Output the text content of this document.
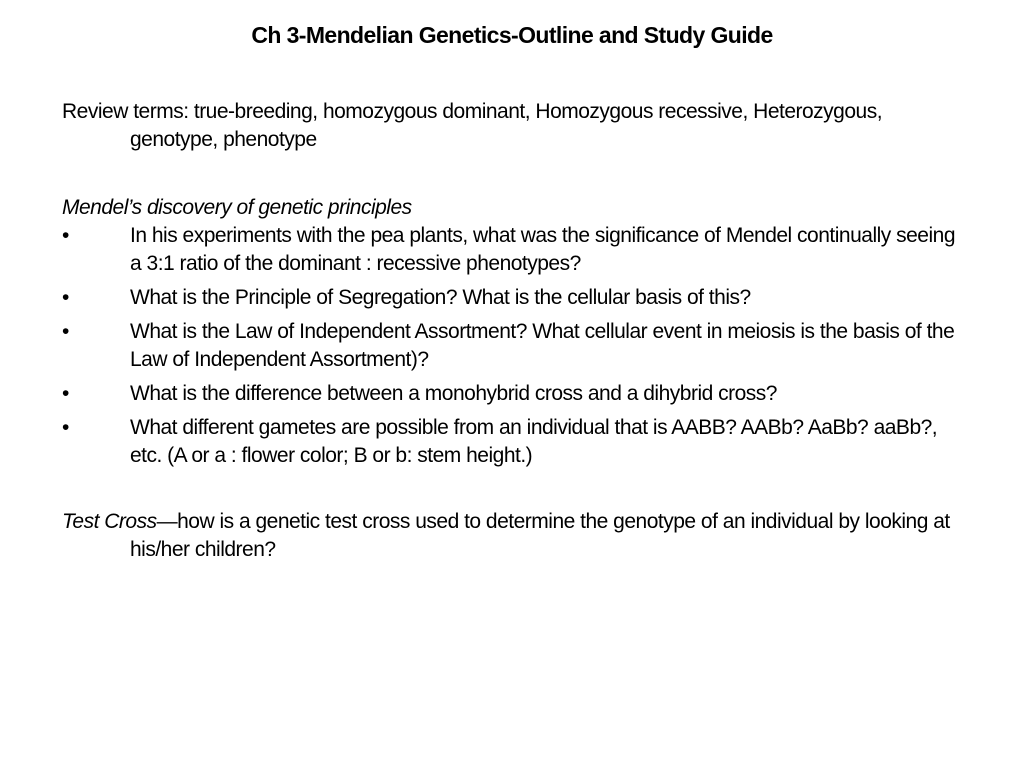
Ch 3-Mendelian Genetics-Outline and Study Guide

Review terms: true-breeding, homozygous dominant, Homozygous recessive, Heterozygous, genotype, phenotype

Mendel’s discovery of genetic principles

•	In his experiments with the pea plants, what was the significance of Mendel continually seeing a 3:1 ratio of the dominant : recessive phenotypes?
•	What is the Principle of Segregation? What is the cellular basis of this?
•	What is the Law of Independent Assortment? What cellular event in meiosis is the basis of the Law of Independent Assortment)?
•	What is the difference between a monohybrid cross and a dihybrid cross?
•	What different gametes are possible from an individual that is AABB? AABb? AaBb? aaBb?, etc. (A or a : flower color; B or b: stem height.)

Test Cross—how is a genetic test cross used to determine the genotype of an individual by looking at his/her children?
